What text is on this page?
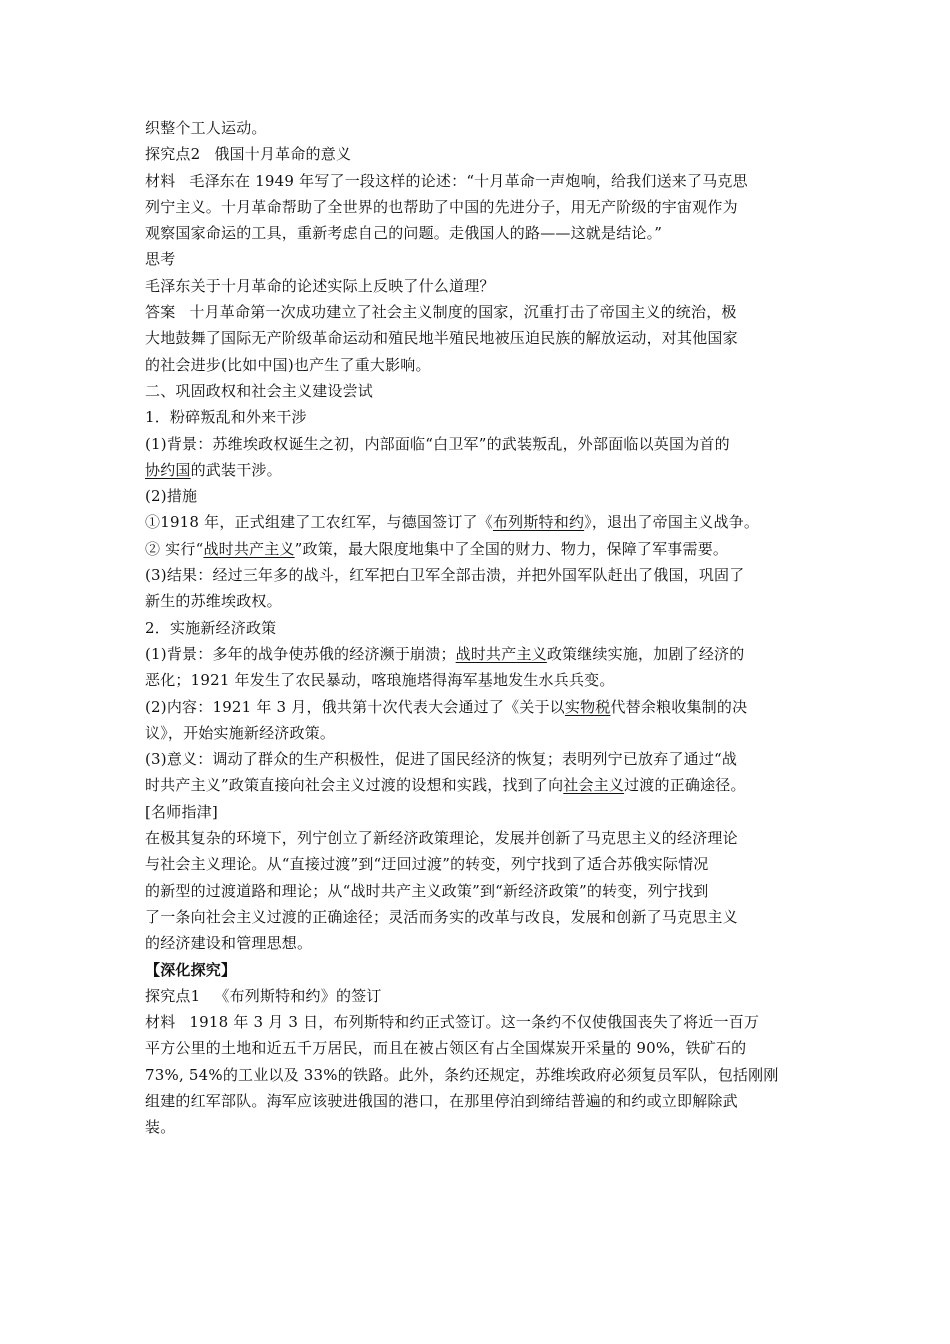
织整个工人运动。
探究点2 俄国十月革命的意义
材料 毛泽东在 1949 年写了一段这样的论述：“十月革命一声炮响，给我们送来了马克思
列宁主义。十月革命帮助了全世界的也帮助了中国的先进分子，用无产阶级的宇宙观作为
观察国家命运的工具，重新考虑自己的问题。走俄国人的路——这就是结论。”
思考
毛泽东关于十月革命的论述实际上反映了什么道理？
答案 十月革命第一次成功建立了社会主义制度的国家，沉重打击了帝国主义的统治，极
大地鼓舞了国际无产阶级革命运动和殖民地半殖民地被压迫民族的解放运动，对其他国家
的社会进步(比如中国)也产生了重大影响。
二、巩固政权和社会主义建设尝试
1．粉碎叛乱和外来干涉
(1)背景：苏维埃政权诞生之初，内部面临“白卫军”的武装叛乱，外部面临以英国为首的
协约国的武装干涉。
(2)措施
①1918 年，正式组建了工农红军，与德国签订了《布列斯特和约》，退出了帝国主义战争。
② 实行“战时共产主义”政策，最大限度地集中了全国的财力、物力，保障了军事需要。
(3)结果：经过三年多的战斗，红军把白卫军全部击溃，并把外国军队赶出了俄国，巩固了
新生的苏维埃政权。
2．实施新经济政策
(1)背景：多年的战争使苏俄的经济濒于崩溃；战时共产主义政策继续实施，加剧了经济的
恶化；1921 年发生了农民暴动，喀琅施塔得海军基地发生水兵兵变。
(2)内容：1921 年 3 月，俄共第十次代表大会通过了《关于以实物税代替余粮收集制的决
议》，开始实施新经济政策。
(3)意义：调动了群众的生产积极性，促进了国民经济的恢复；表明列宁已放弃了通过“战
时共产主义”政策直接向社会主义过渡的设想和实践，找到了向社会主义过渡的正确途径。
[名师指津]
在极其复杂的环境下，列宁创立了新经济政策理论，发展并创新了马克思主义的经济理论
与社会主义理论。从“直接过渡”到“迂回过渡”的转变，列宁找到了适合苏俄实际情况
的新型的过渡道路和理论；从“战时共产主义政策”到“新经济政策”的转变，列宁找到
了一条向社会主义过渡的正确途径；灵活而务实的改革与改良，发展和创新了马克思主义
的经济建设和管理思想。
【深化探究】
探究点1 《布列斯特和约》的签订
材料 1918 年 3 月 3 日，布列斯特和约正式签订。这一条约不仅使俄国丧失了将近一百万
平方公里的土地和近五千万居民，而且在被占领区有占全国煤炭开采量的 90%，铁矿石的
73%, 54%的工业以及 33%的铁路。此外，条约还规定，苏维埃政府必须复员军队，包括刚刚
组建的红军部队。海军应该驶进俄国的港口，在那里停泊到缔结普遍的和约或立即解除武
装。
